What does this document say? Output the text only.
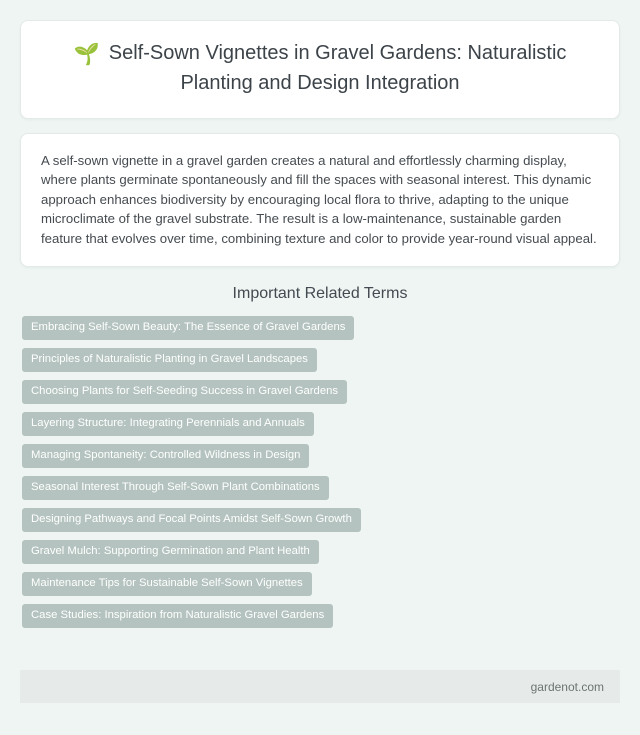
🌱 Self-Sown Vignettes in Gravel Gardens: Naturalistic Planting and Design Integration

A self-sown vignette in a gravel garden creates a natural and effortlessly charming display, where plants germinate spontaneously and fill the spaces with seasonal interest. This dynamic approach enhances biodiversity by encouraging local flora to thrive, adapting to the unique microclimate of the gravel substrate. The result is a low-maintenance, sustainable garden feature that evolves over time, combining texture and color to provide year-round visual appeal.

Important Related Terms
Embracing Self-Sown Beauty: The Essence of Gravel Gardens
Principles of Naturalistic Planting in Gravel Landscapes
Choosing Plants for Self-Seeding Success in Gravel Gardens
Layering Structure: Integrating Perennials and Annuals
Managing Spontaneity: Controlled Wildness in Design
Seasonal Interest Through Self-Sown Plant Combinations
Designing Pathways and Focal Points Amidst Self-Sown Growth
Gravel Mulch: Supporting Germination and Plant Health
Maintenance Tips for Sustainable Self-Sown Vignettes
Case Studies: Inspiration from Naturalistic Gravel Gardens
gardenot.com
